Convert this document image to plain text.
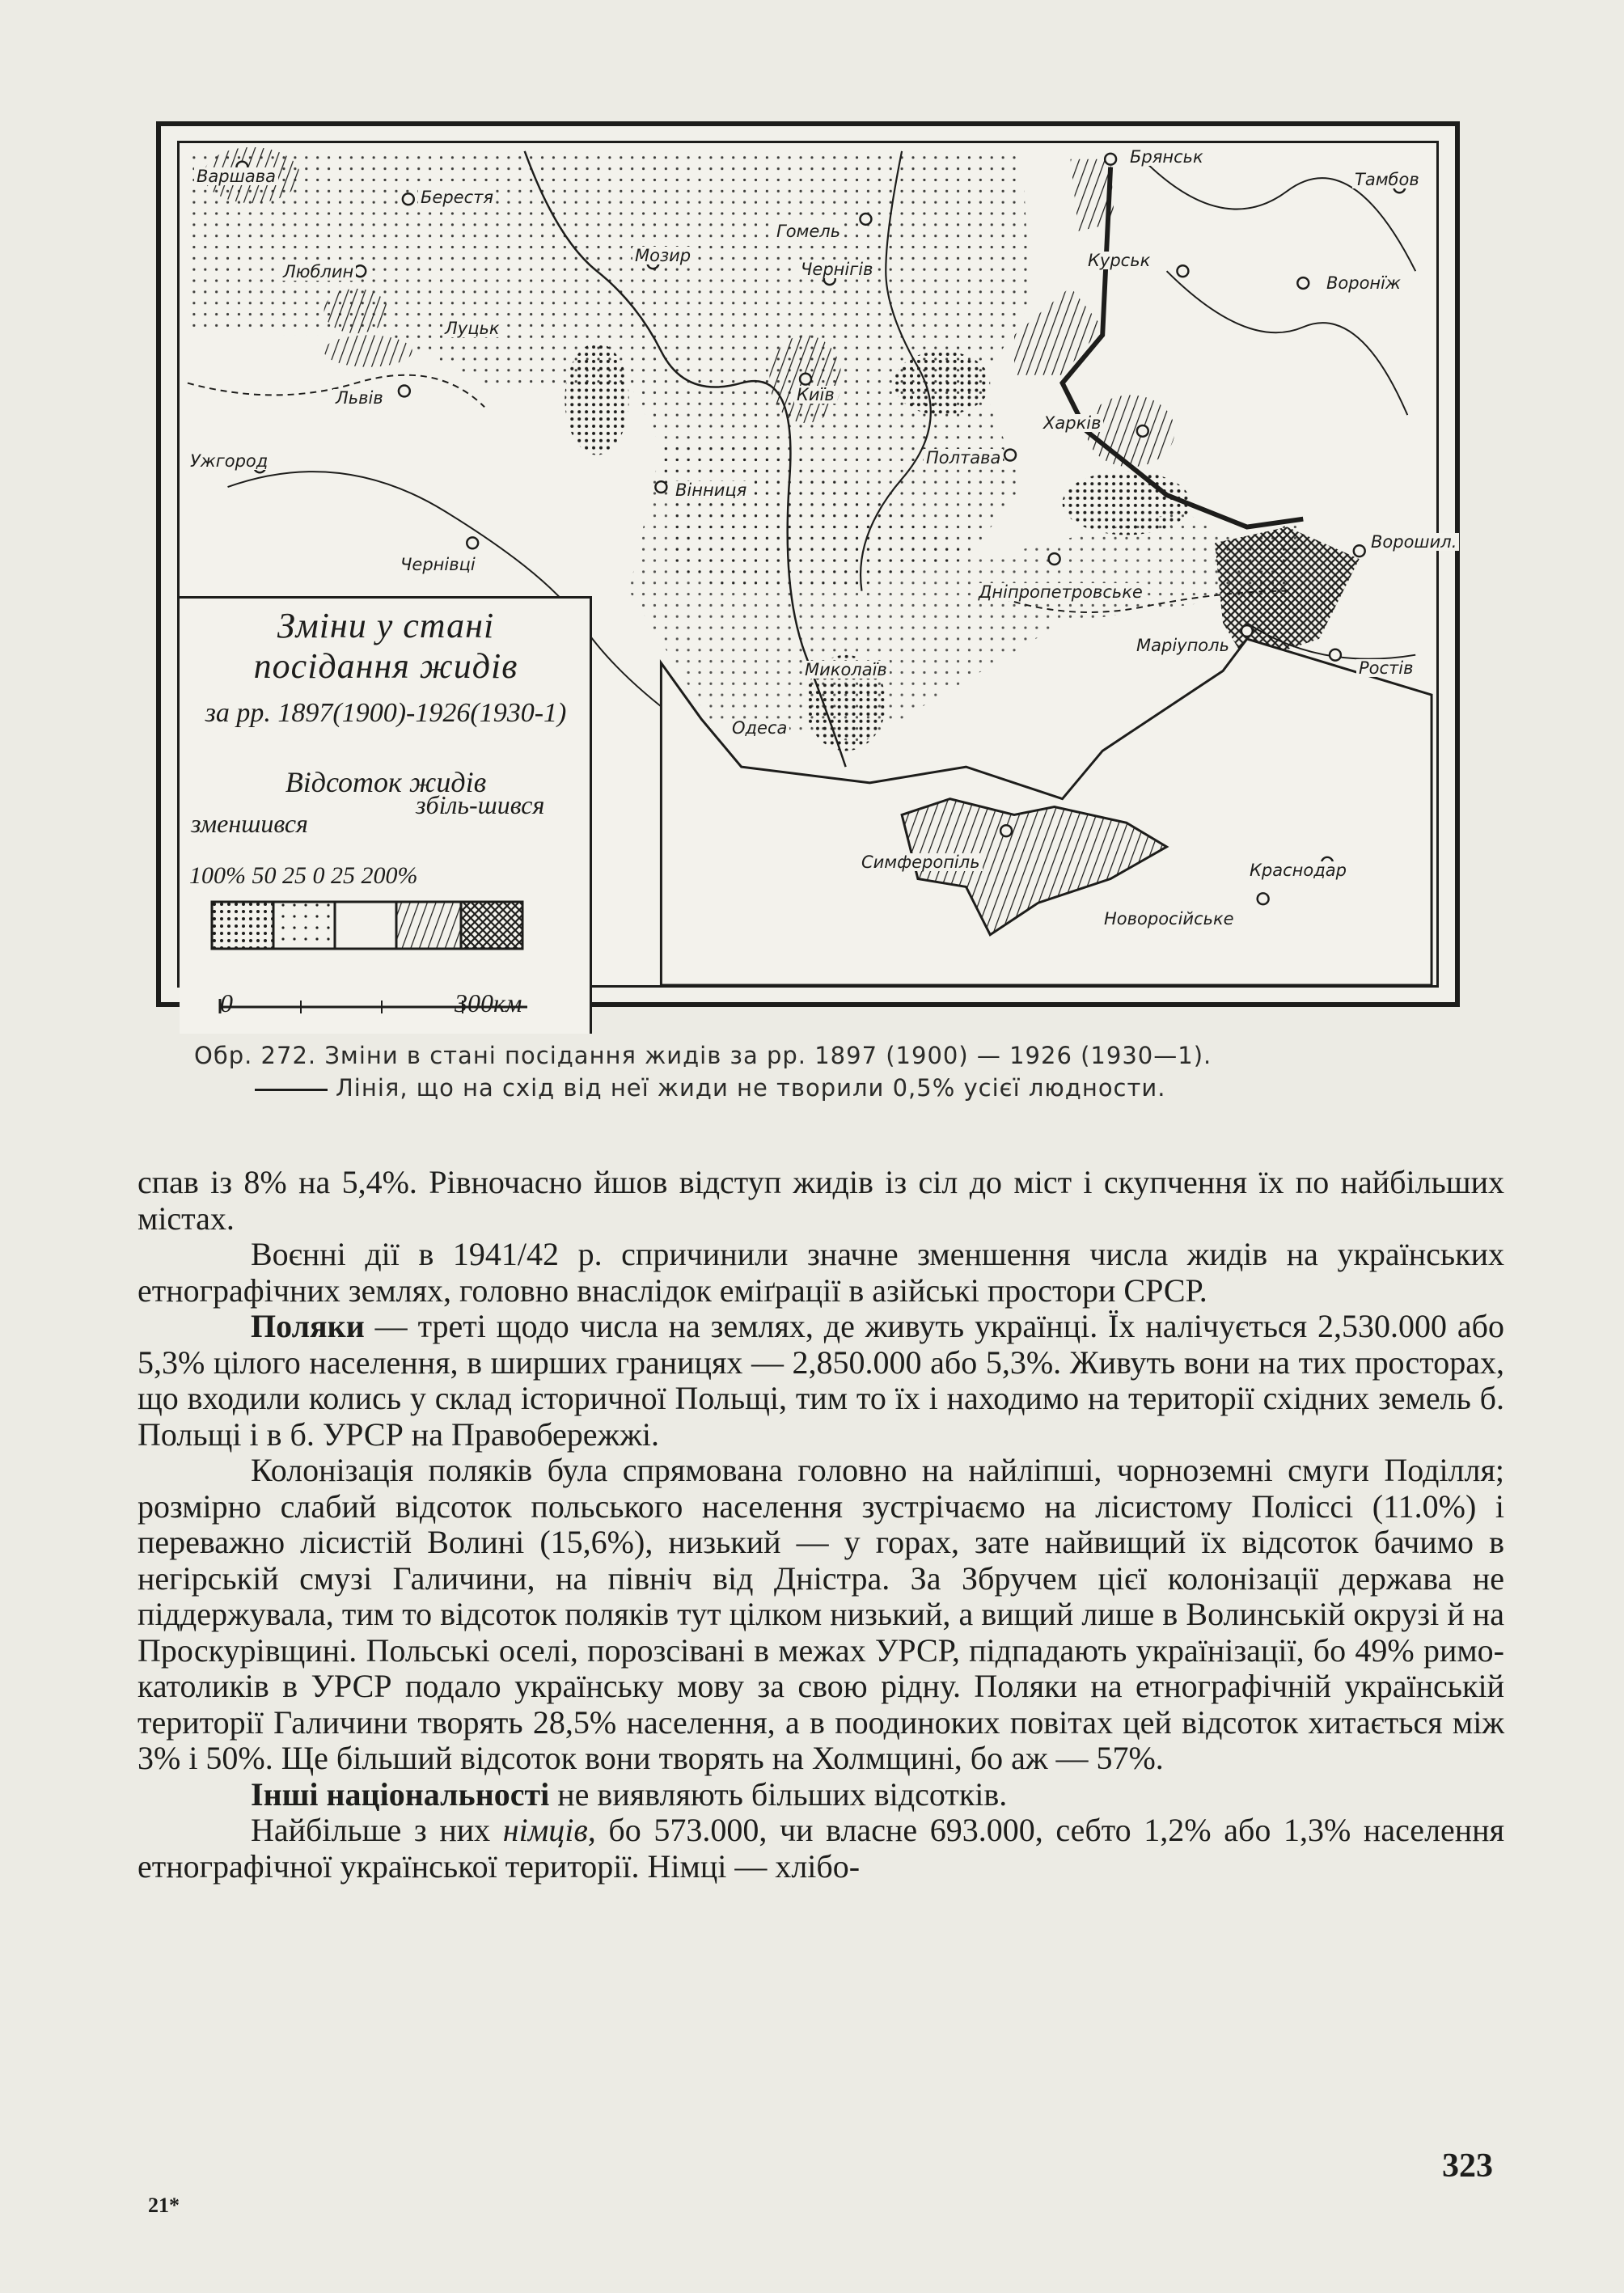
Варшава
Берестя
Брянськ
Тамбов
Гомель
Мозир
Чернігів	Курськ
Воронїж
Люблин
Луцьк
Київ
Львів
Харків
Ужгород	Полтава
Вінниця
Ворошил.
Чернівці
Дніпропетровське
Маріуполь
Ростів
Миколаїв
Одеса
Симферопіль	Краснодар
Новоросійське
Зміни у стані
посідання жидів
за рр. 1897(1900)-1926(1930-1)
Відсоток жидів
зменшився
збіль-шився
100% 50 25 0 25 200%
0	300км
Обр. 272. Зміни в стані посідання жидів за рр. 1897 (1900) — 1926 (1930—1).
Лінія, що на схід від неї жиди не творили 0,5% усієї людности.

спав із 8% на 5,4%. Рівночасно йшов відступ жидів із сіл до міст і скупчення їх по найбільших містах.

Воєнні дії в 1941/42 р. спричинили значне зменшення числа жидів на українських етнографічних землях, головно внаслідок еміґрації в азійські простори СРСР.

Поляки — треті щодо числа на землях, де живуть українці. Їх налічується 2,530.000 або 5,3% цілого населення, в ширших границях — 2,850.000 або 5,3%. Живуть вони на тих просторах, що входили колись у склад історичної Польщі, тим то їх і находимо на території східних земель б. Польщі і в б. УРСР на Правобережжі.

Колонізація поляків була спрямована головно на найліпші, чорноземні смуги Поділля; розмірно слабий відсоток польського населення зустрічаємо на лісистому Поліссі (11.0%) і переважно лісистій Волині (15,6%), низький — у горах, зате найвищий їх відсоток бачимо в негірській смузі Галичини, на північ від Дністра. За Збручем цієї колонізації держава не піддержувала, тим то відсоток поляків тут цілком низький, а вищий лише в Волинській окрузі й на Проскурівщині. Польські оселі, порозсівані в межах УРСР, підпадають українізації, бо 49% римо-католиків в УРСР подало українську мову за свою рідну. Поляки на етнографічній українській території Галичини творять 28,5% населення, а в поодиноких повітах цей відсоток хитається між 3% і 50%. Ще більший відсоток вони творять на Холмщині, бо аж — 57%.

Інші національності не виявляють більших відсотків.

Найбільше з них німців, бо 573.000, чи власне 693.000, себто 1,2% або 1,3% населення етнографічної української території. Німці — хлібо-

323
21*
